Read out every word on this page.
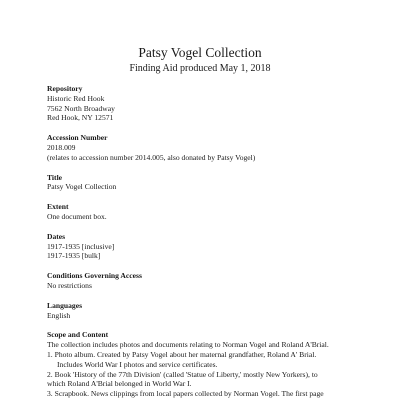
Patsy Vogel Collection
Finding Aid produced May 1, 2018
Repository
Historic Red Hook
7562 North Broadway
Red Hook, NY 12571
Accession Number
2018.009
(relates to accession number 2014.005, also donated by Patsy Vogel)
Title
Patsy Vogel Collection
Extent
One document box.
Dates
1917-1935 [inclusive]
1917-1935 [bulk]
Conditions Governing Access
No restrictions
Languages
English
Scope and Content
The collection includes photos and documents relating to Norman Vogel and Roland A'Brial.
1. Photo album. Created by Patsy Vogel about her maternal grandfather, Roland A' Brial.
Includes World War I photos and service certificates.
2. Book 'History of the 77th Division' (called 'Statue of Liberty,' mostly New Yorkers), to
which Roland A'Brial belonged in World War I.
3. Scrapbook. News clippings from local papers collected by Norman Vogel. The first page
